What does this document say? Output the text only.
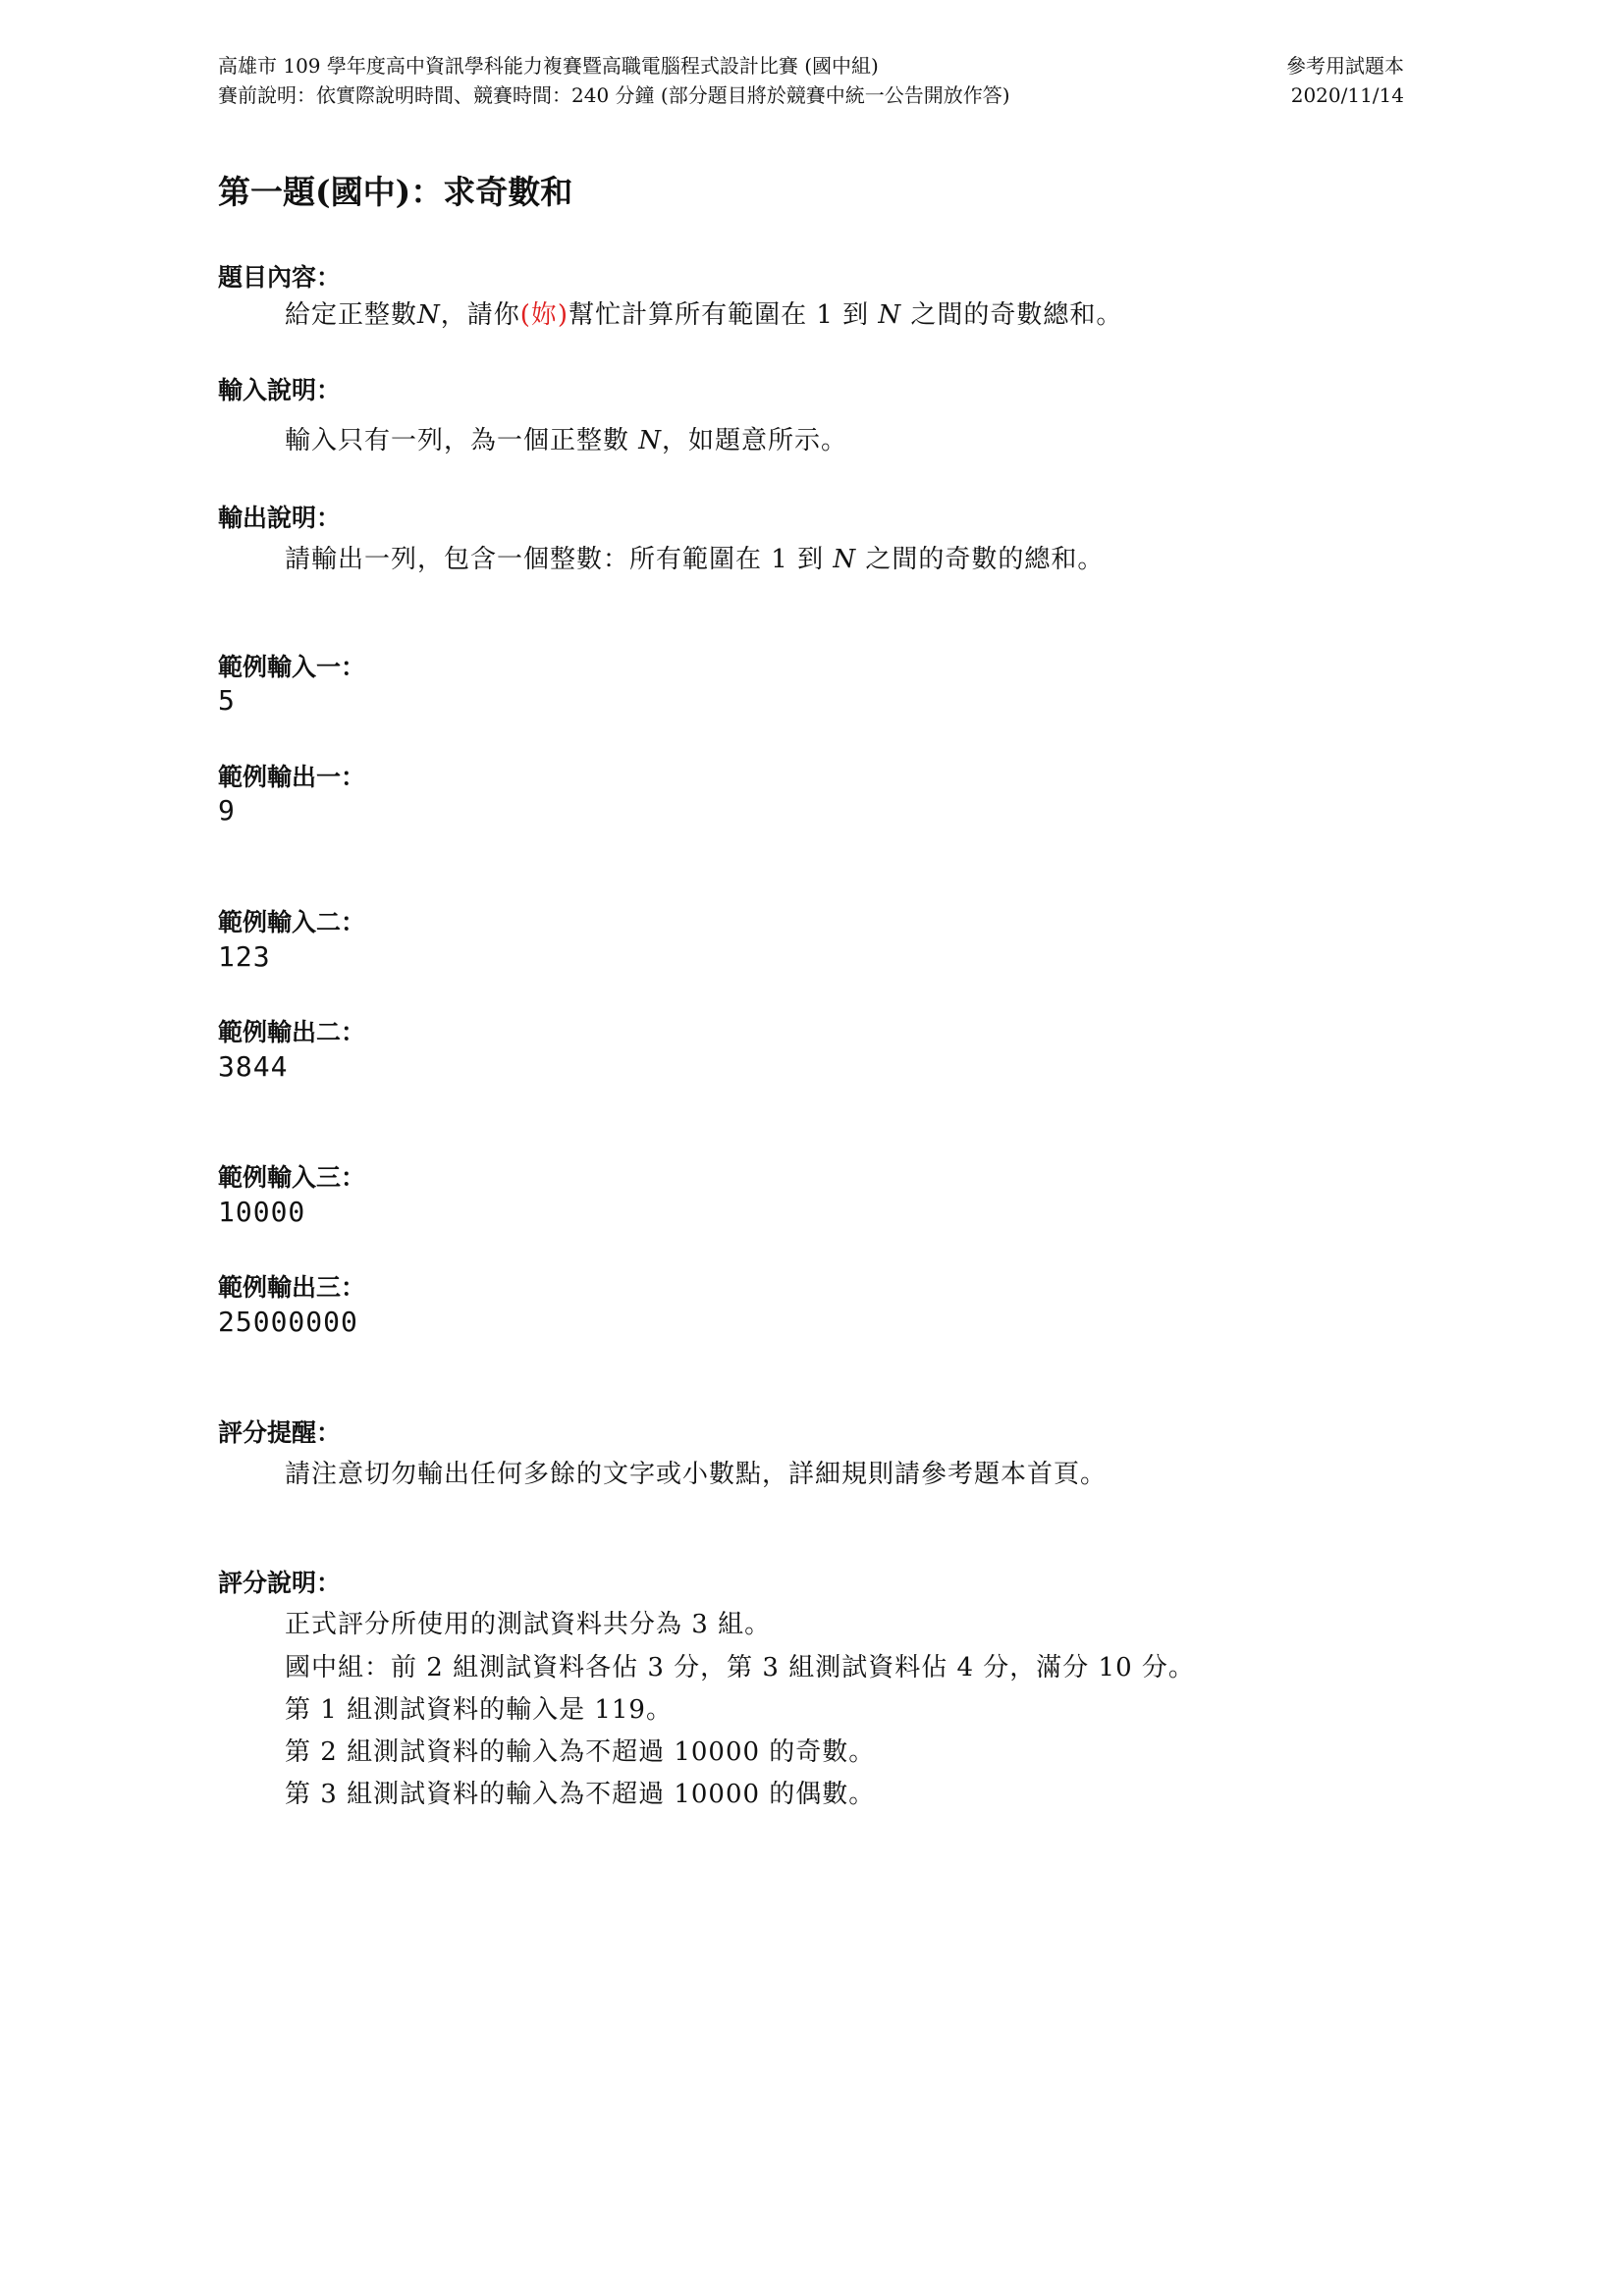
高雄市 109 學年度高中資訊學科能力複賽暨高職電腦程式設計比賽 (國中組)
賽前說明：依實際說明時間、競賽時間：240 分鐘 (部分題目將於競賽中統一公告開放作答)
參考用試題本
2020/11/14
第一題(國中)：求奇數和
題目內容：
給定正整數N，請你(妳)幫忙計算所有範圍在 1 到 N 之間的奇數總和。
輸入說明：
輸入只有一列，為一個正整數 N，如題意所示。
輸出說明：
請輸出一列，包含一個整數：所有範圍在 1 到 N 之間的奇數的總和。
範例輸入一：
5
範例輸出一：
9
範例輸入二：
123
範例輸出二：
3844
範例輸入三：
10000
範例輸出三：
25000000
評分提醒：
請注意切勿輸出任何多餘的文字或小數點，詳細規則請參考題本首頁。
評分說明：
正式評分所使用的測試資料共分為 3 組。
國中組：前 2 組測試資料各佔 3 分，第 3 組測試資料佔 4 分，滿分 10 分。
第 1 組測試資料的輸入是 119。
第 2 組測試資料的輸入為不超過 10000 的奇數。
第 3 組測試資料的輸入為不超過 10000 的偶數。
